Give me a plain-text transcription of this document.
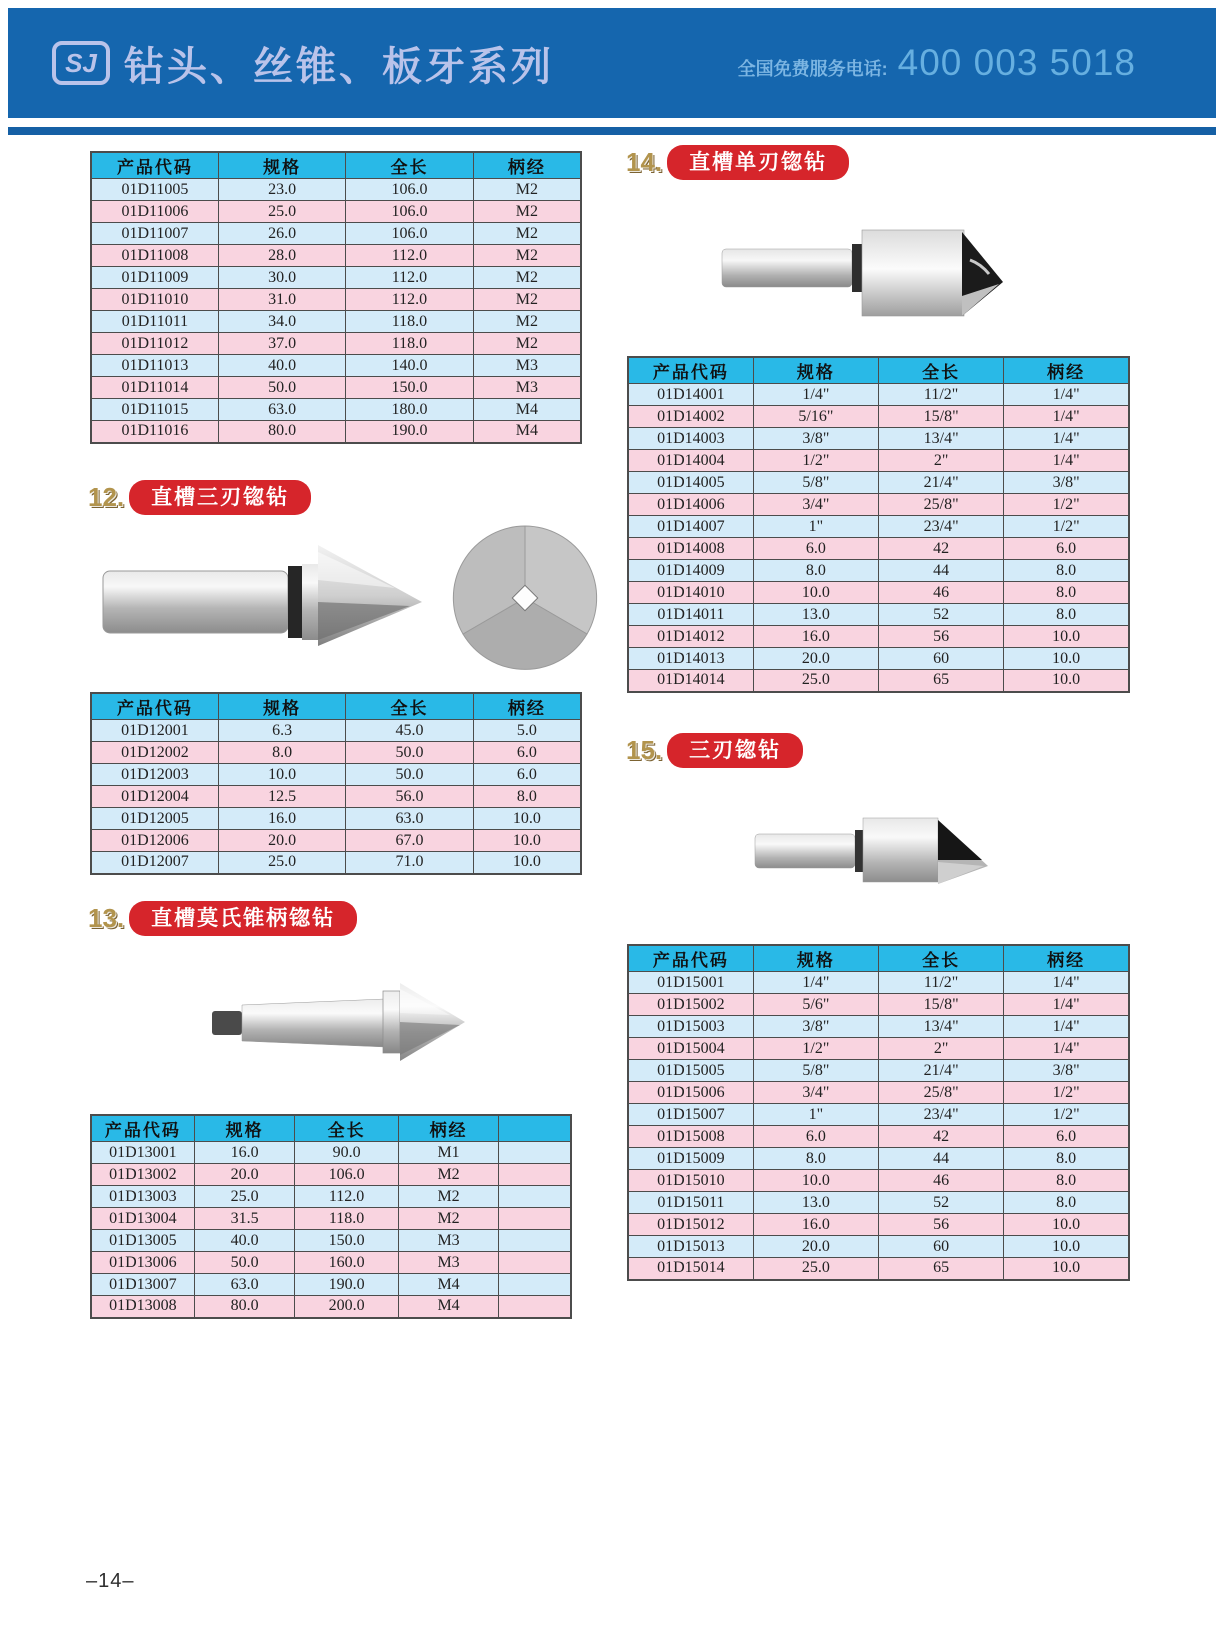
SJ 钻头、丝锥、板牙系列	全国免费服务电话: 400 003 5018
产品代码	规格	全长	柄经
01D11005	23.0	106.0	M2
01D11006	25.0	106.0	M2
01D11007	26.0	106.0	M2
01D11008	28.0	112.0	M2
01D11009	30.0	112.0	M2
01D11010	31.0	112.0	M2
01D11011	34.0	118.0	M2
01D11012	37.0	118.0	M2
01D11013	40.0	140.0	M3
01D11014	50.0	150.0	M3
01D11015	63.0	180.0	M4
01D11016	80.0	190.0	M4
12.	直槽三刃锪钻
产品代码	规格	全长	柄经
01D12001	6.3	45.0	5.0
01D12002	8.0	50.0	6.0
01D12003	10.0	50.0	6.0
01D12004	12.5	56.0	8.0
01D12005	16.0	63.0	10.0
01D12006	20.0	67.0	10.0
01D12007	25.0	71.0	10.0
13.	直槽莫氏锥柄锪钻
产品代码	规格	全长	柄经	
01D13001	16.0	90.0	M1	
01D13002	20.0	106.0	M2	
01D13003	25.0	112.0	M2	
01D13004	31.5	118.0	M2	
01D13005	40.0	150.0	M3	
01D13006	50.0	160.0	M3	
01D13007	63.0	190.0	M4	
01D13008	80.0	200.0	M4	
14.	直槽单刃锪钻
产品代码	规格	全长	柄经
01D14001	1/4"	11/2"	1/4"
01D14002	5/16"	15/8"	1/4"
01D14003	3/8"	13/4"	1/4"
01D14004	1/2"	2"	1/4"
01D14005	5/8"	21/4"	3/8"
01D14006	3/4"	25/8"	1/2"
01D14007	1"	23/4"	1/2"
01D14008	6.0	42	6.0
01D14009	8.0	44	8.0
01D14010	10.0	46	8.0
01D14011	13.0	52	8.0
01D14012	16.0	56	10.0
01D14013	20.0	60	10.0
01D14014	25.0	65	10.0
15.	三刃锪钻
产品代码	规格	全长	柄经
01D15001	1/4"	11/2"	1/4"
01D15002	5/6"	15/8"	1/4"
01D15003	3/8"	13/4"	1/4"
01D15004	1/2"	2"	1/4"
01D15005	5/8"	21/4"	3/8"
01D15006	3/4"	25/8"	1/2"
01D15007	1"	23/4"	1/2"
01D15008	6.0	42	6.0
01D15009	8.0	44	8.0
01D15010	10.0	46	8.0
01D15011	13.0	52	8.0
01D15012	16.0	56	10.0
01D15013	20.0	60	10.0
01D15014	25.0	65	10.0
–14–
